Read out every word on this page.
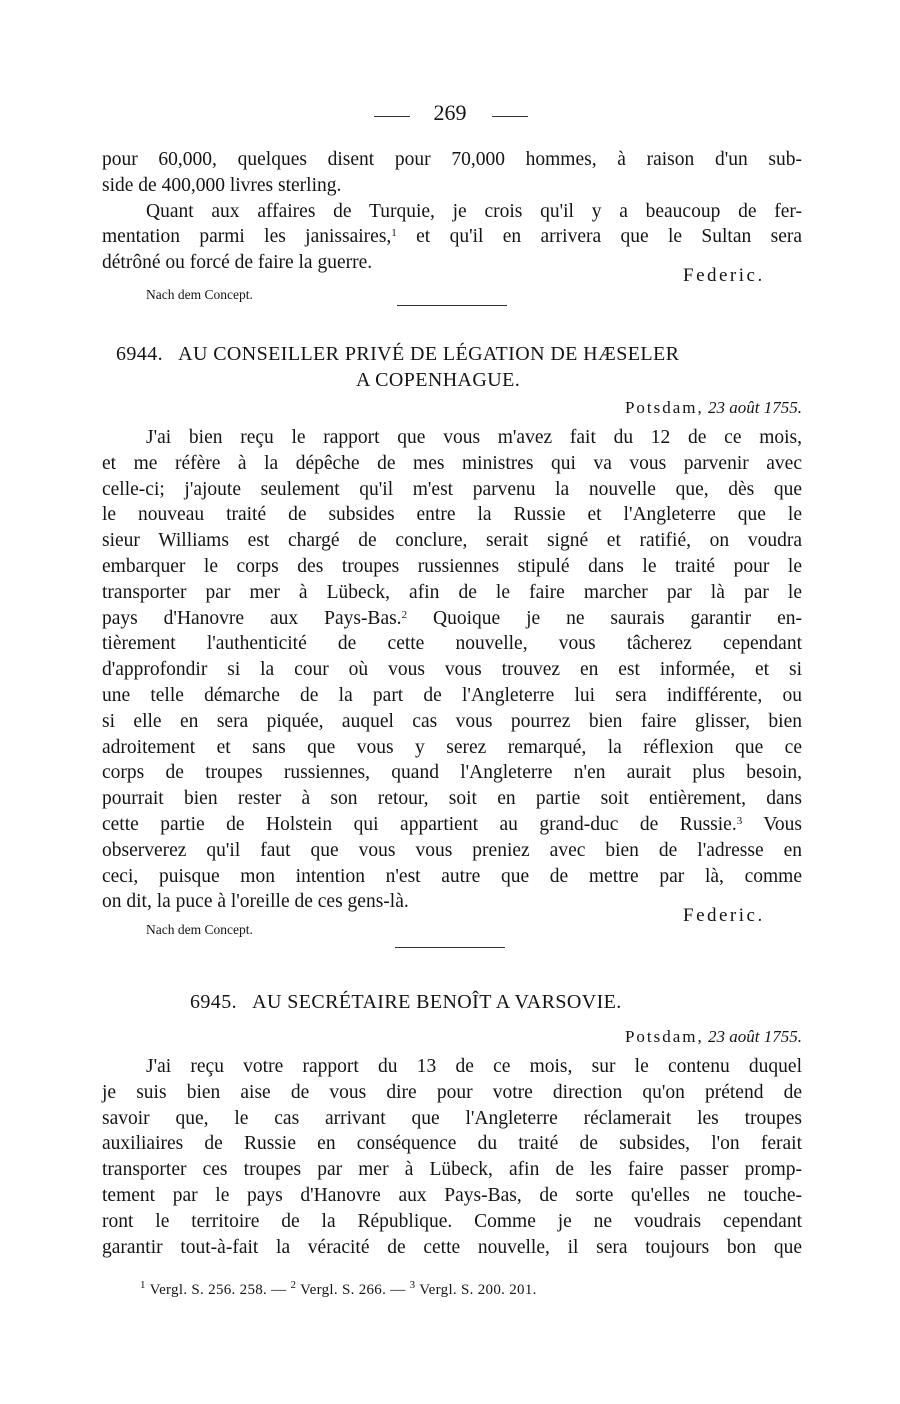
269
pour 60,000, quelques disent pour 70,000 hommes, à raison d'un sub-
side de 400,000 livres sterling.
Quant aux affaires de Turquie, je crois qu'il y a beaucoup de fer-
mentation parmi les janissaires,$^1$ et qu'il en arrivera que le Sultan sera
détrôné ou forcé de faire la guerre.
Federic.
Nach dem Concept.
6944. AU CONSEILLER PRIVÉ DE LÉGATION DE HÆSELER
A COPENHAGUE.
Potsdam, 23 août 1755.
J'ai bien reçu le rapport que vous m'avez fait du 12 de ce mois,
et me réfère à la dépêche de mes ministres qui va vous parvenir avec
celle-ci; j'ajoute seulement qu'il m'est parvenu la nouvelle que, dès que
le nouveau traité de subsides entre la Russie et l'Angleterre que le
sieur Williams est chargé de conclure, serait signé et ratifié, on voudra
embarquer le corps des troupes russiennes stipulé dans le traité pour le
transporter par mer à Lübeck, afin de le faire marcher par là par le
pays d'Hanovre aux Pays-Bas.$^2$ Quoique je ne saurais garantir en-
tièrement l'authenticité de cette nouvelle, vous tâcherez cependant
d'approfondir si la cour où vous vous trouvez en est informée, et si
une telle démarche de la part de l'Angleterre lui sera indifférente, ou
si elle en sera piquée, auquel cas vous pourrez bien faire glisser, bien
adroitement et sans que vous y serez remarqué, la réflexion que ce
corps de troupes russiennes, quand l'Angleterre n'en aurait plus besoin,
pourrait bien rester à son retour, soit en partie soit entièrement, dans
cette partie de Holstein qui appartient au grand-duc de Russie.$^3$ Vous
observerez qu'il faut que vous vous preniez avec bien de l'adresse en
ceci, puisque mon intention n'est autre que de mettre par là, comme
on dit, la puce à l'oreille de ces gens-là.
Federic.
Nach dem Concept.
6945. AU SECRÉTAIRE BENOÎT A VARSOVIE.
Potsdam, 23 août 1755.
J'ai reçu votre rapport du 13 de ce mois, sur le contenu duquel
je suis bien aise de vous dire pour votre direction qu'on prétend de
savoir que, le cas arrivant que l'Angleterre réclamerait les troupes
auxiliaires de Russie en conséquence du traité de subsides, l'on ferait
transporter ces troupes par mer à Lübeck, afin de les faire passer promp-
tement par le pays d'Hanovre aux Pays-Bas, de sorte qu'elles ne touche-
ront le territoire de la République. Comme je ne voudrais cependant
garantir tout-à-fait la véracité de cette nouvelle, il sera toujours bon que
$^1$ Vergl. S. 256. 258. — $^2$ Vergl. S. 266. — $^3$ Vergl. S. 200. 201.
